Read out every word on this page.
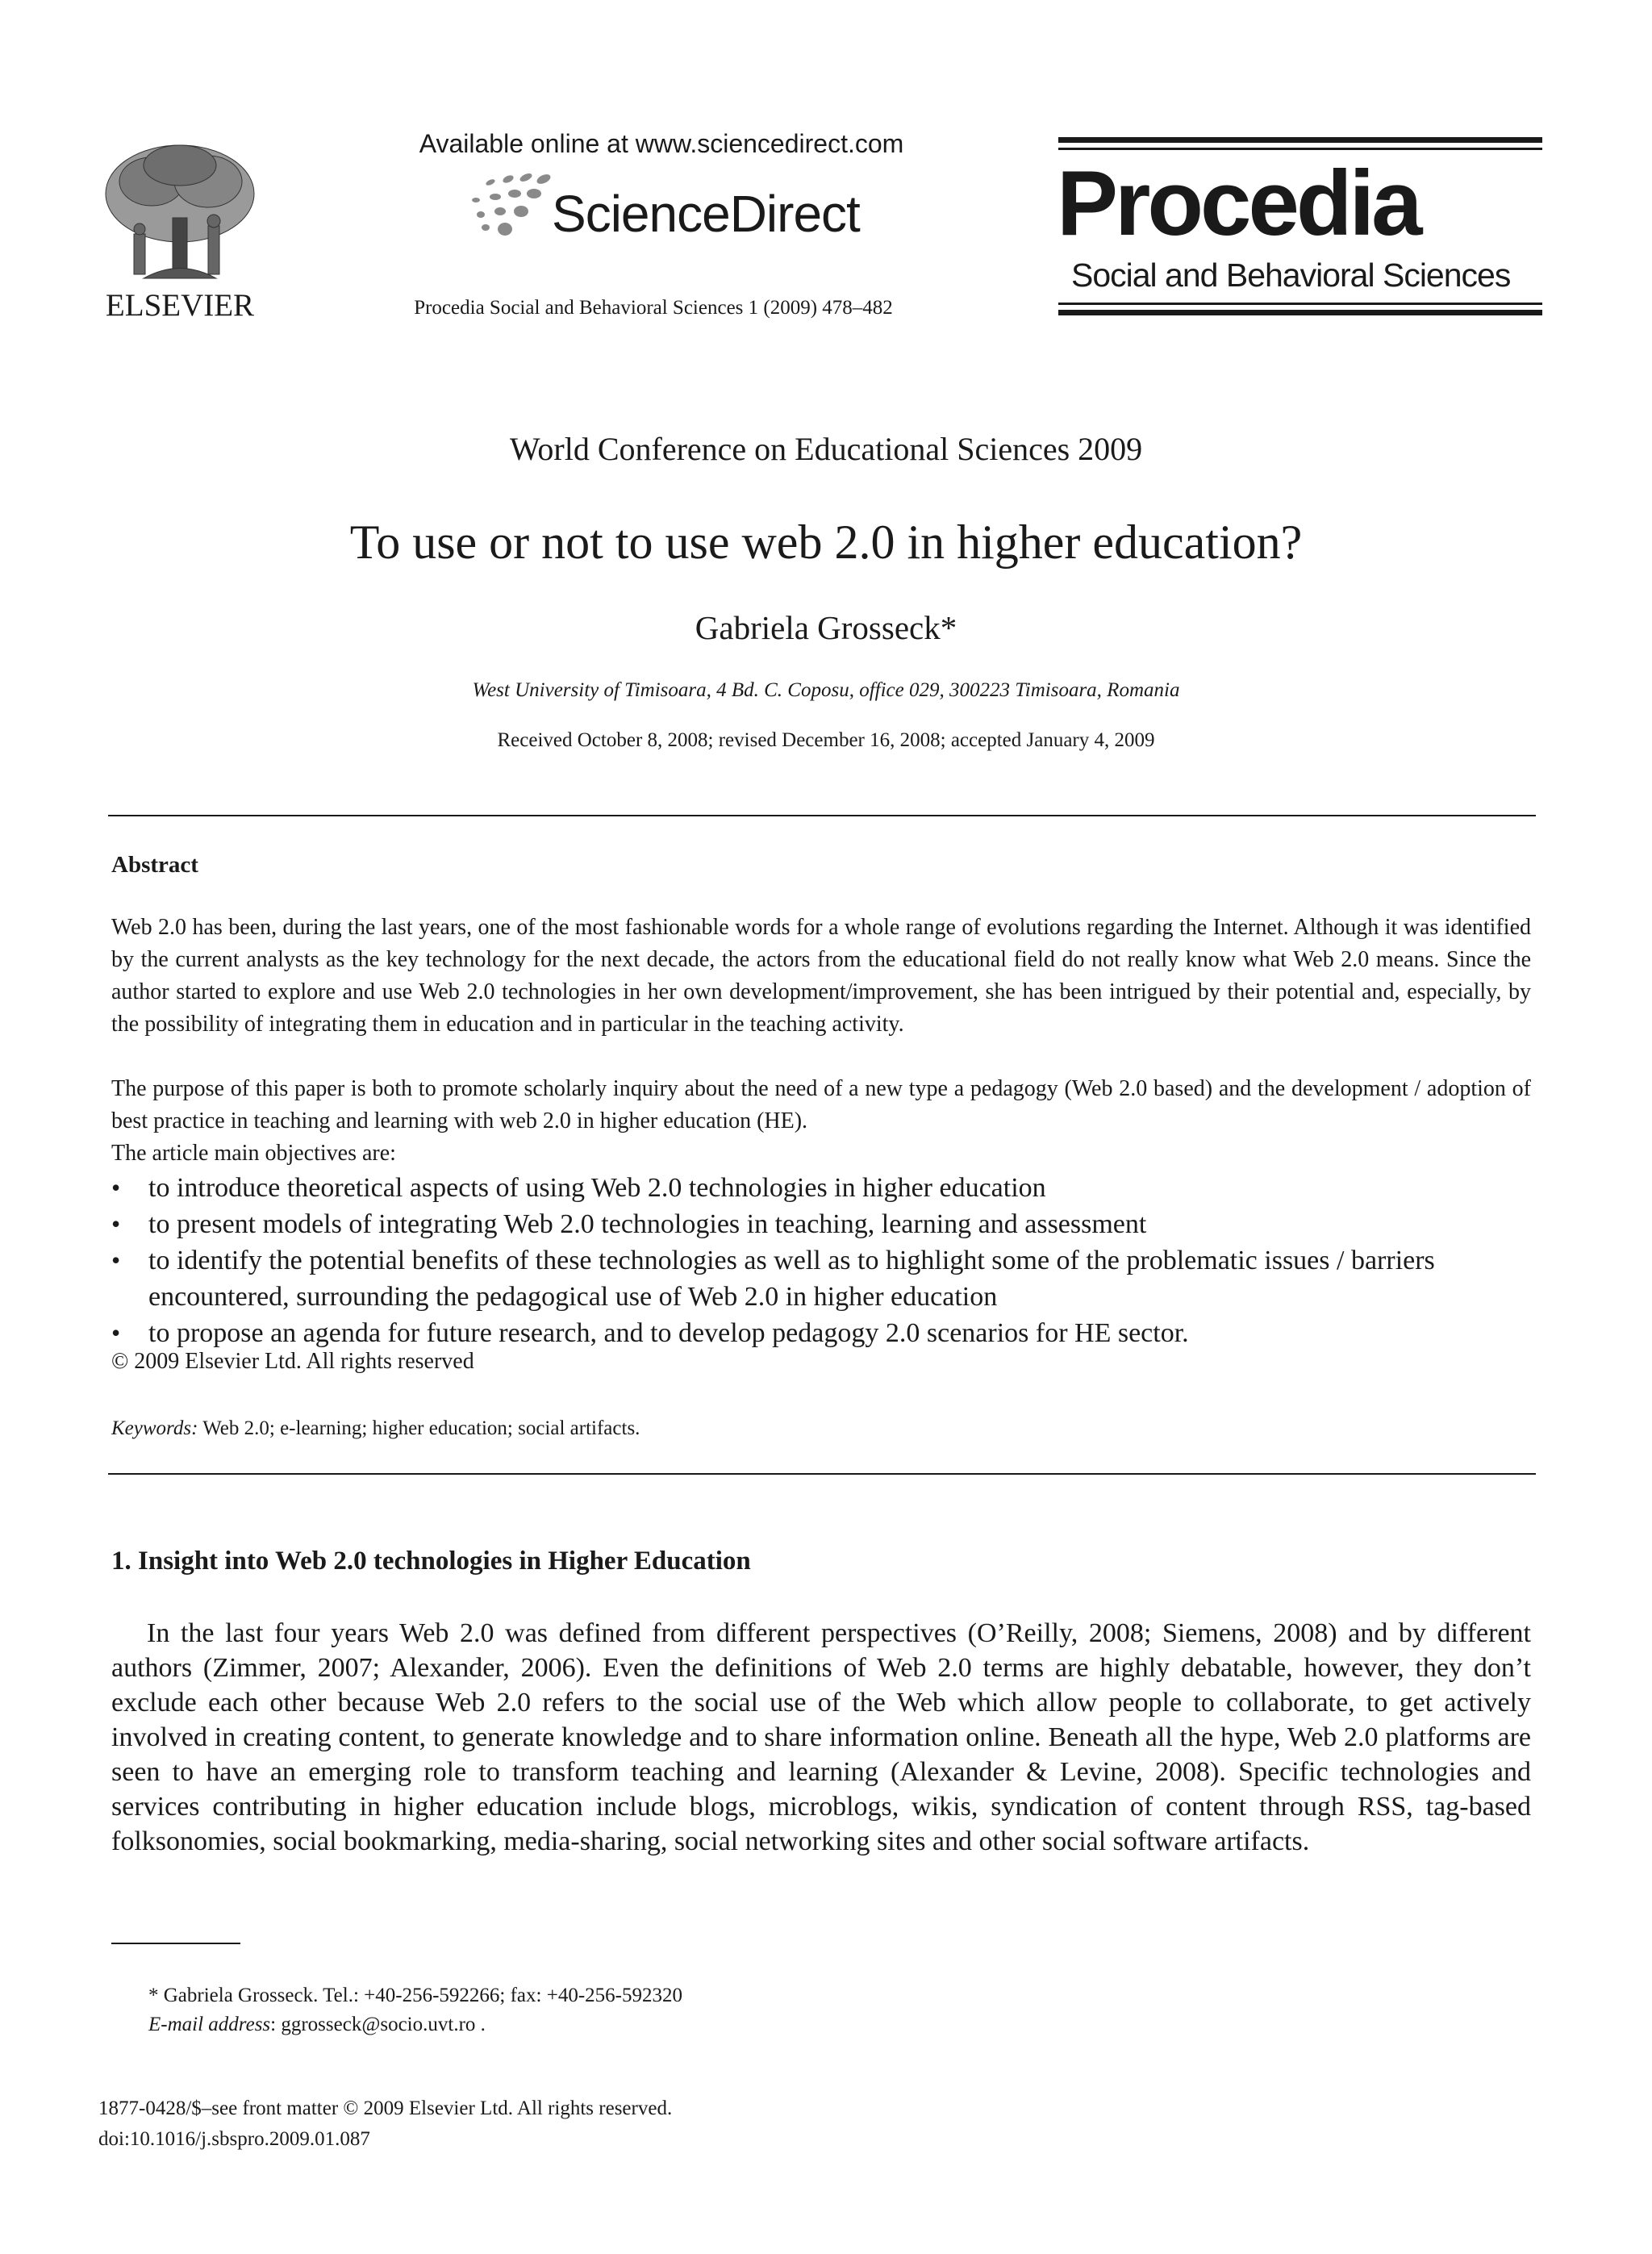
ELSEVIER
Available online at www.sciencedirect.com
ScienceDirect
Procedia Social and Behavioral Sciences 1 (2009) 478–482
Procedia
Social and Behavioral Sciences
World Conference on Educational Sciences 2009
To use or not to use web 2.0 in higher education?
Gabriela Grosseck*
West University of Timisoara, 4 Bd. C. Coposu, office 029, 300223 Timisoara, Romania
Received October 8, 2008; revised December 16, 2008; accepted January 4, 2009
Abstract
Web 2.0 has been, during the last years, one of the most fashionable words for a whole range of evolutions regarding the Internet. Although it was identified by the current analysts as the key technology for the next decade, the actors from the educational field do not really know what Web 2.0 means. Since the author started to explore and use Web 2.0 technologies in her own development/improvement, she has been intrigued by their potential and, especially, by the possibility of integrating them in education and in particular in the teaching activity.
The purpose of this paper is both to promote scholarly inquiry about the need of a new type a pedagogy (Web 2.0 based) and the development / adoption of best practice in teaching and learning with web 2.0 in higher education (HE).
The article main objectives are:
• to introduce theoretical aspects of using Web 2.0 technologies in higher education
• to present models of integrating Web 2.0 technologies in teaching, learning and assessment
• to identify the potential benefits of these technologies as well as to highlight some of the problematic issues / barriers encountered, surrounding the pedagogical use of Web 2.0 in higher education
• to propose an agenda for future research, and to develop pedagogy 2.0 scenarios for HE sector.
© 2009 Elsevier Ltd. All rights reserved
Keywords: Web 2.0; e-learning; higher education; social artifacts.
1. Insight into Web 2.0 technologies in Higher Education
In the last four years Web 2.0 was defined from different perspectives (O’Reilly, 2008; Siemens, 2008) and by different authors (Zimmer, 2007; Alexander, 2006). Even the definitions of Web 2.0 terms are highly debatable, however, they don’t exclude each other because Web 2.0 refers to the social use of the Web which allow people to collaborate, to get actively involved in creating content, to generate knowledge and to share information online. Beneath all the hype, Web 2.0 platforms are seen to have an emerging role to transform teaching and learning (Alexander & Levine, 2008). Specific technologies and services contributing in higher education include blogs, microblogs, wikis, syndication of content through RSS, tag-based folksonomies, social bookmarking, media-sharing, social networking sites and other social software artifacts.
* Gabriela Grosseck. Tel.: +40-256-592266; fax: +40-256-592320
E-mail address: ggrosseck@socio.uvt.ro .
1877-0428/$–see front matter © 2009 Elsevier Ltd. All rights reserved.
doi:10.1016/j.sbspro.2009.01.087
